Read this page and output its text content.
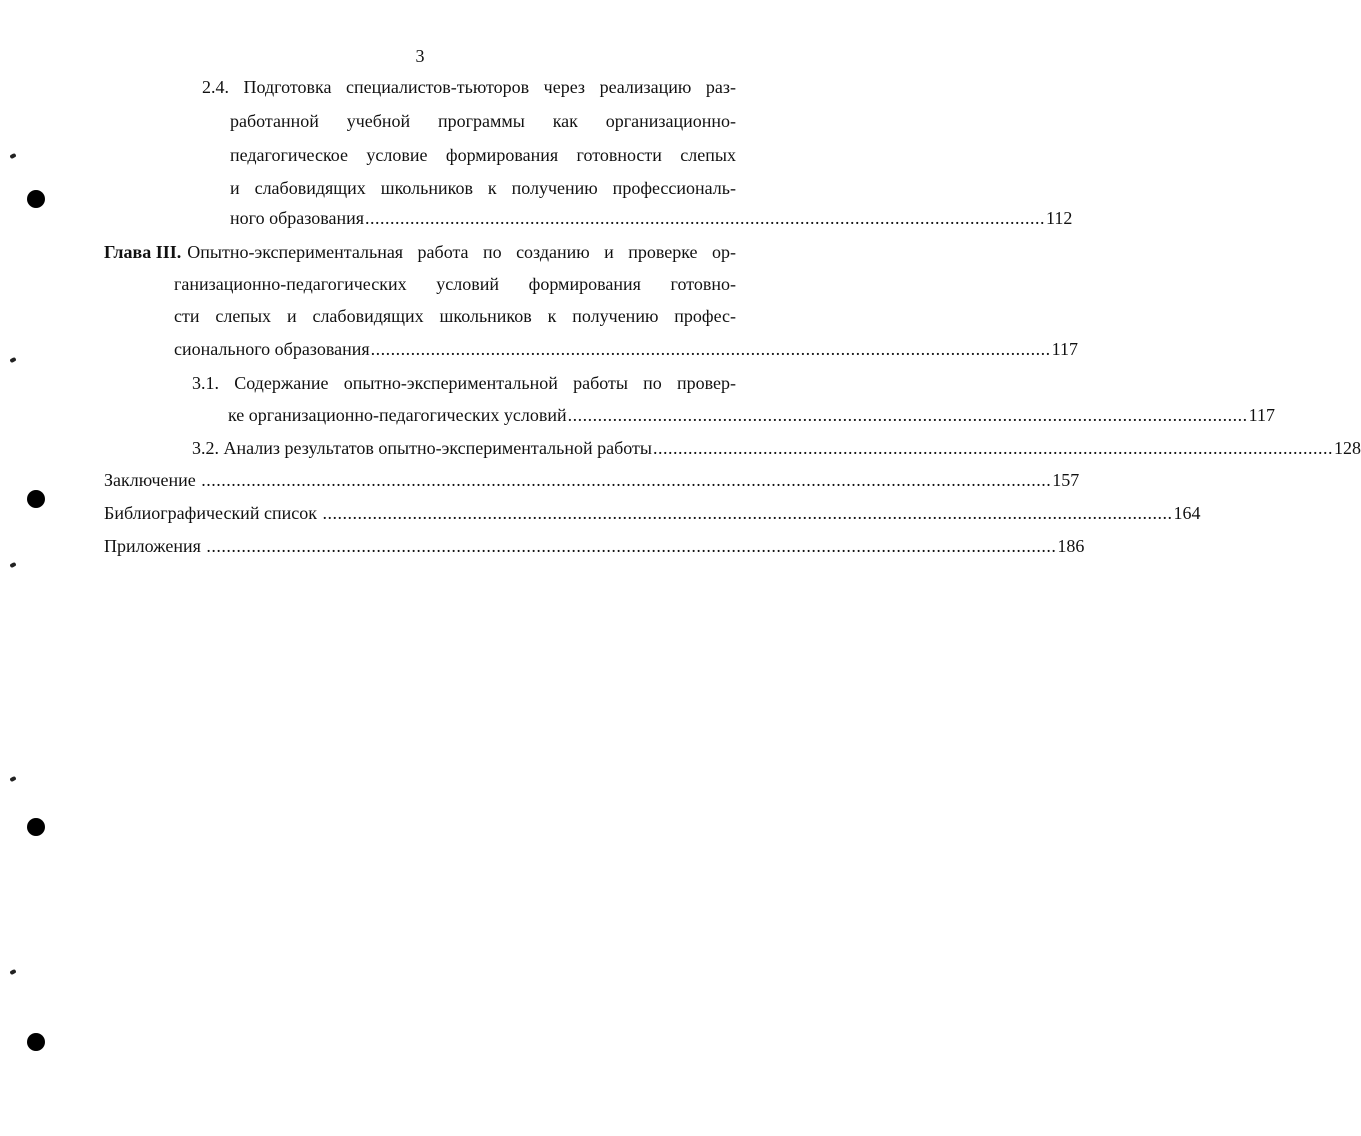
3
2.4. Подготовка специалистов-тьюторов через реализацию раз-
работанной учебной программы как организационно-
педагогическое условие формирования готовности слепых
и слабовидящих школьников к получению профессиональ-
ного образования ........................................................................................................................................ 112
Глава III. Опытно-экспериментальная работа по созданию и проверке ор-
ганизационно-педагогических условий формирования готовно-
сти слепых и слабовидящих школьников к получению профес-
сионального образования ........................................................................................................................................ 117
3.1. Содержание опытно-экспериментальной работы по провер-
ке организационно-педагогических условий ........................................................................................................................................ 117
3.2. Анализ результатов опытно-экспериментальной работы ........................................................................................................................................ 128
Заключение .......................................................................................................................................................................... 157
Библиографический список .......................................................................................................................................................................... 164
Приложения .......................................................................................................................................................................... 186
